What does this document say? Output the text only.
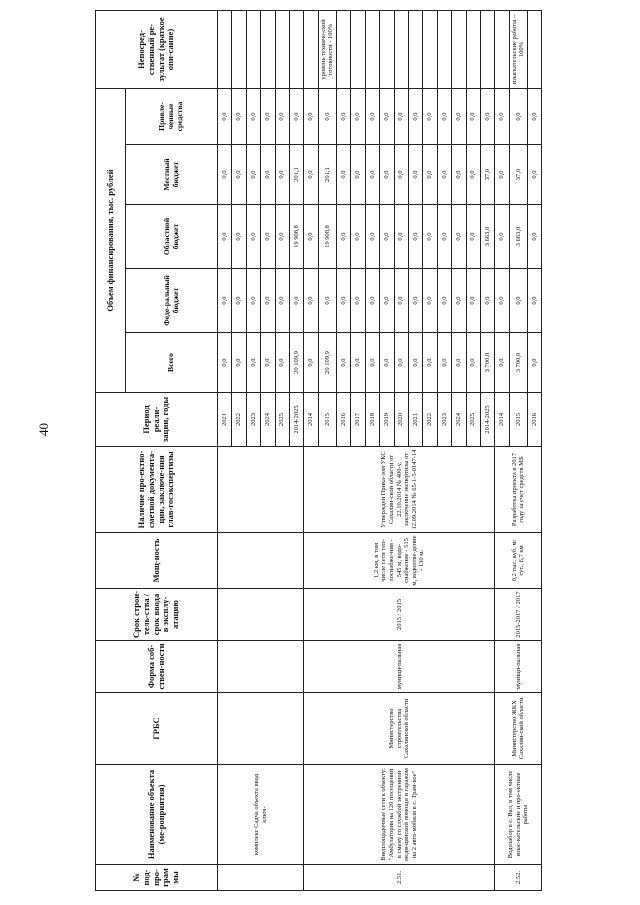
40
№ под-про-грам мы	Наименование объекта (ме-роприятия)	ГРБС	Форма соб-ствен-ности	Срок строи-тель-ства / срок ввода в эксплу-атацию	Мощ-ность	Наличие про-ектно-сметной документа-ции, заключе-ния глав-госэкспертизы	Период реали-зации, годы	Объем финансирования, тыс. рублей					Непосред-ственный ре-зультат (краткое опи-сание)
								Всего	Феде-ральный бюджет	Областной бюджет	Местный бюджет	Привле-ченные средства	
	комплекс Садча объекта ввод ключ-						2021	0,0	0,0	0,0	0,0	0,0	
							2022	0,0	0,0	0,0	0,0	0,0	
							2023	0,0	0,0	0,0	0,0	0,0	
							2024	0,0	0,0	0,0	0,0	0,0	
							2025	0,0	0,0	0,0	0,0	0,0	
							2014-2025	20 109,9	0,0	19 908,8	201,1	0,0	
2.51.	Внеплощадочные сети к объекту: "Амбулатория на 120 посещений в смену со службой экстренной меди-цинской помощи и гаражом на 2 авто-мобиля в с. Трам-кое"	Министерство строительства Сахалинской области	муници-пальная	2015 / 2015	1,2 км, в том числе сети теп-лоснабже-ния - 545 м, водо-снабжение - 515 м, водоотве-дение - 130 м.	Утвержден Прика-зом УКС Сахалин-ской области от 22.10.2014 № 400-у, заключение экспертизы от 12.09.2014 № 65-1-5-0147-14	2014	0,0	0,0	0,0	0,0	0,0	
							2015	20 109,9	0,0	19 908,8	201,1	0,0	уровень техниче-ской готовности - 100%
							2016	0,0	0,0	0,0	0,0	0,0	
							2017	0,0	0,0	0,0	0,0	0,0	
							2018	0,0	0,0	0,0	0,0	0,0	
							2019	0,0	0,0	0,0	0,0	0,0	
							2020	0,0	0,0	0,0	0,0	0,0	
							2021	0,0	0,0	0,0	0,0	0,0	
							2022	0,0	0,0	0,0	0,0	0,0	
							2023	0,0	0,0	0,0	0,0	0,0	
							2024	0,0	0,0	0,0	0,0	0,0	
							2025	0,0	0,0	0,0	0,0	0,0	
							2014-2025	3 700,0	0,0	3 663,0	37,0	0,0	
2.52.	Водозабор в с. Вал, в том числе изыс-кательские и про-ектные работы	Министерство ЖКХ Сахалин-ской области	муници-пальная	2015-2017 / 2017	0,2 тыс. куб. м/сут., 6,7 км	Разработка проекта в 2017 году за счет средств МБ	2014	0,0	0,0	0,0	0,0	0,0	
							2015	3 700,0	0,0	3 663,0	37,0	0,0	изыскательские работы – 100%
							2016	0,0	0,0	0,0	0,0	0,0	
